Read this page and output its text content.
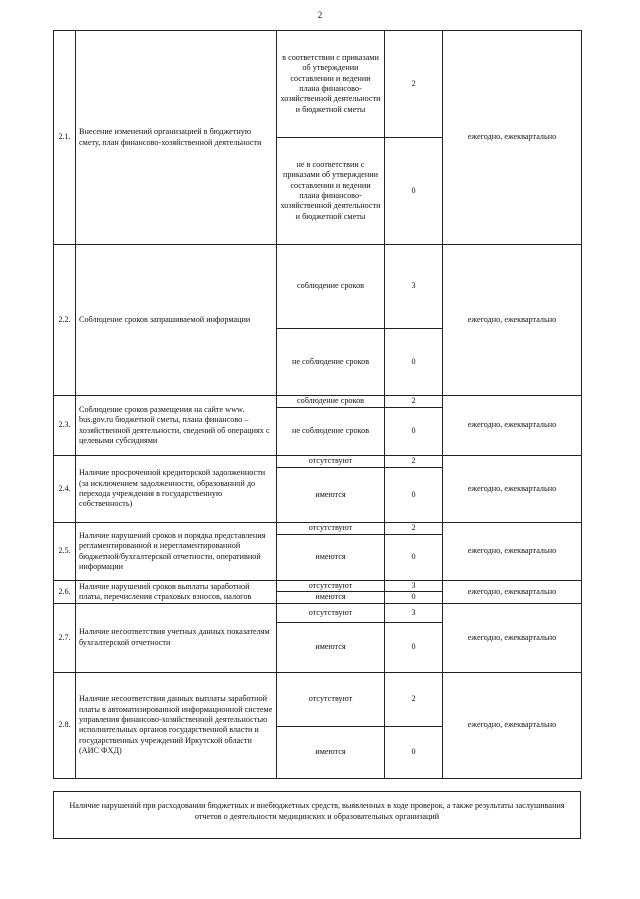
2
2.1.	Внесение изменений организацией в бюджетную смету, план финансово-хозяйственной деятельности	в соответствии с приказами об утверждении составлении и ведении плана финансово-хозяйственной деятельности и бюджетной сметы	2	ежегодно, ежеквартально
		не в соответствии с приказами об утверждении составлении и ведении плана финансово-хозяйственной деятельности и бюджетной сметы	0	
2.2.	Соблюдение сроков запрашиваемой информации	соблюдение сроков	3	ежегодно, ежеквартально
		не соблюдение сроков	0	
2.3.	Соблюдение сроков размещения на сайте www. bus.gov.ru бюджетной сметы, плана финансово – хозяйственной деятельности, сведений об операциях с целевыми субсидиями	соблюдение сроков	2	ежегодно, ежеквартально
		не соблюдение сроков	0	
2.4.	Наличие просроченной кредиторской задолженности (за исключением задолженности, образованной до перехода учреждения в государственную собственность)	отсутствуют	2	ежегодно, ежеквартально
		имеются	0	
2.5.	Наличие нарушений сроков и порядка представления регламентированной и нерегламентированной бюджетной/бухгалтерской отчетности, оперативной информации	отсутствуют	2	ежегодно, ежеквартально
		имеются	0	
2.6.	Наличие нарушений сроков выплаты заработной платы, перечисления страховых взносов, налогов	отсутствуют	3	ежегодно, ежеквартально
		имеются	0	
2.7.	Наличие несоответствия учетных данных показателям бухгалтерской отчетности	отсутствуют	3	ежегодно, ежеквартально
		имеются	0	
2.8.	Наличие несоответствия данных выплаты заработной платы в автоматизированной информационной системе управления финансово-хозяйственной деятельностью исполнительных органов государственной власти и государственных учреждений Иркутской области (АИС ФХД)	отсутствуют	2	ежегодно, ежеквартально
		имеются	0	
Наличие нарушений при расходовании бюджетных и внебюджетных средств, выявленных в ходе проверок, а также результаты заслушивания отчетов о деятельности медицинских и образовательных организаций
